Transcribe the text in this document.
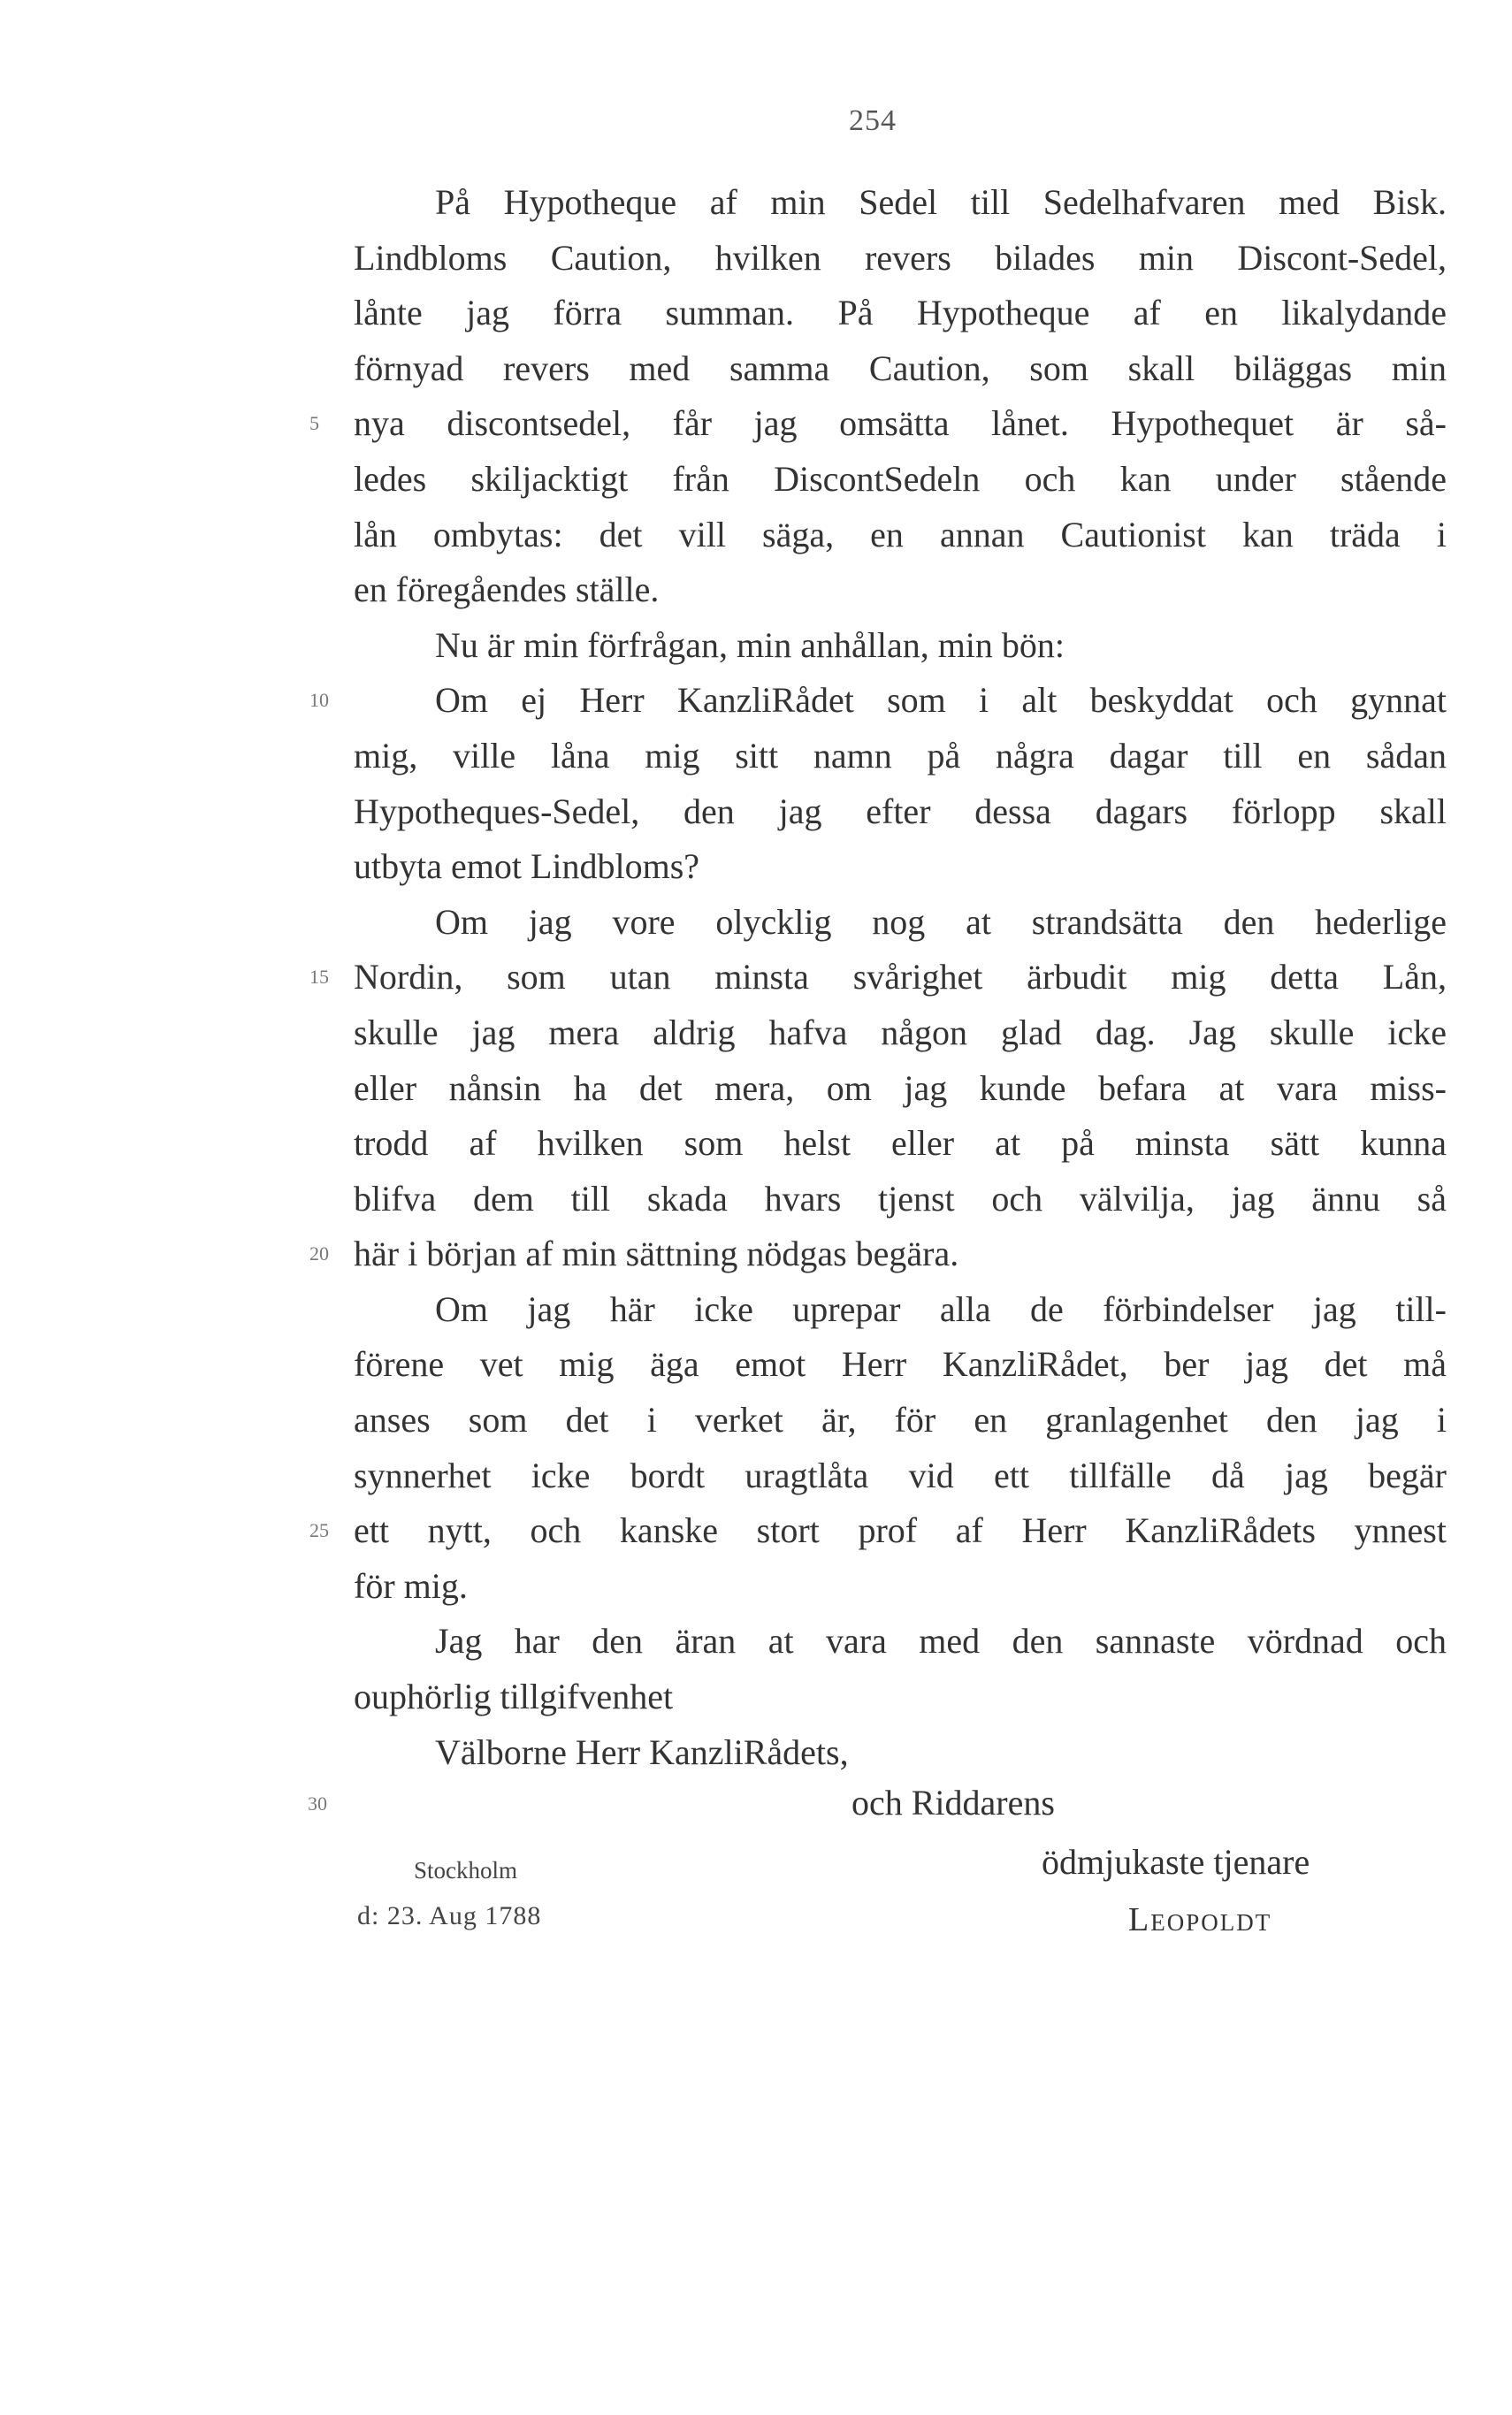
254
På Hypotheque af min Sedel till Sedelhafvaren med Bisk.
Lindbloms Caution, hvilken revers bilades min Discont-Sedel,
lånte jag förra summan. På Hypotheque af en likalydande
förnyad revers med samma Caution, som skall biläggas min
5 nya discontsedel, får jag omsätta lånet. Hypothequet är så-
ledes skiljacktigt från DiscontSedeln och kan under stående
lån ombytas: det vill säga, en annan Cautionist kan träda i
en föregåendes ställe.
Nu är min förfrågan, min anhållan, min bön:
10	Om ej Herr KanzliRådet som i alt beskyddat och gynnat
mig, ville låna mig sitt namn på några dagar till en sådan
Hypotheques-Sedel, den jag efter dessa dagars förlopp skall
utbyta emot Lindbloms?
Om jag vore olycklig nog at strandsätta den hederlige
15 Nordin, som utan minsta svårighet ärbudit mig detta Lån,
skulle jag mera aldrig hafva någon glad dag. Jag skulle icke
eller nånsin ha det mera, om jag kunde befara at vara miss-
trodd af hvilken som helst eller at på minsta sätt kunna
blifva dem till skada hvars tjenst och välvilja, jag ännu så
20 här i början af min sättning nödgas begära.
Om jag här icke uprepar alla de förbindelser jag till-
förene vet mig äga emot Herr KanzliRådet, ber jag det må
anses som det i verket är, för en granlagenhet den jag i
synnerhet icke bordt uragtlåta vid ett tillfälle då jag begär
25 ett nytt, och kanske stort prof af Herr KanzliRådets ynnest
för mig.
Jag har den äran at vara med den sannaste vördnad och
ouphörlig tillgifvenhet
Välborne Herr KanzliRådets,
och Riddarens
30
Stockholm
d: 23. Aug 1788
ödmjukaste tjenare
Leopoldt
